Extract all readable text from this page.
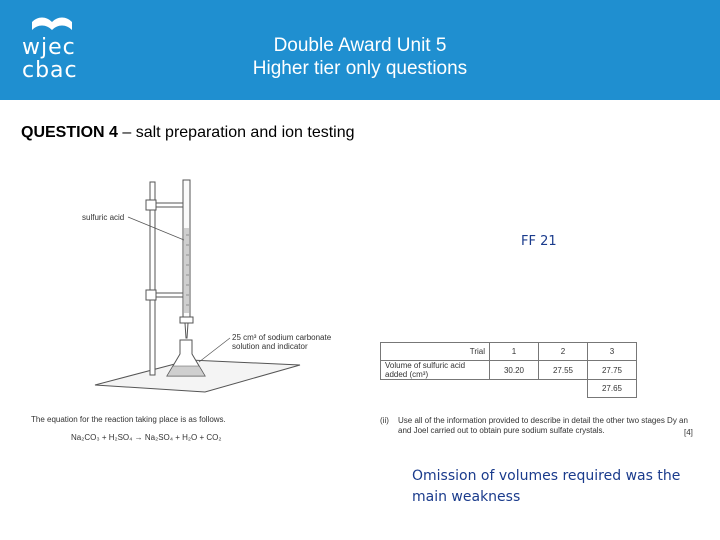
wjec
cbac
Double Award Unit 5
Higher tier only questions
QUESTION 4 – salt preparation and ion testing
sulfuric acid
25 cm³ of sodium carbonate solution and indicator
The equation for the reaction taking place is as follows.
Na₂CO₃ + H₂SO₄ → Na₂SO₄ + H₂O + CO₂
FF 21
Trial	1	2	3
Volume of sulfuric acid added (cm³)	30.20	27.55	27.75
			27.65
(ii) Use all of the information provided to describe in detail the other two stages Dy an and Joel carried out to obtain pure sodium sulfate crystals.	[4]
Omission of volumes required was the main weakness
